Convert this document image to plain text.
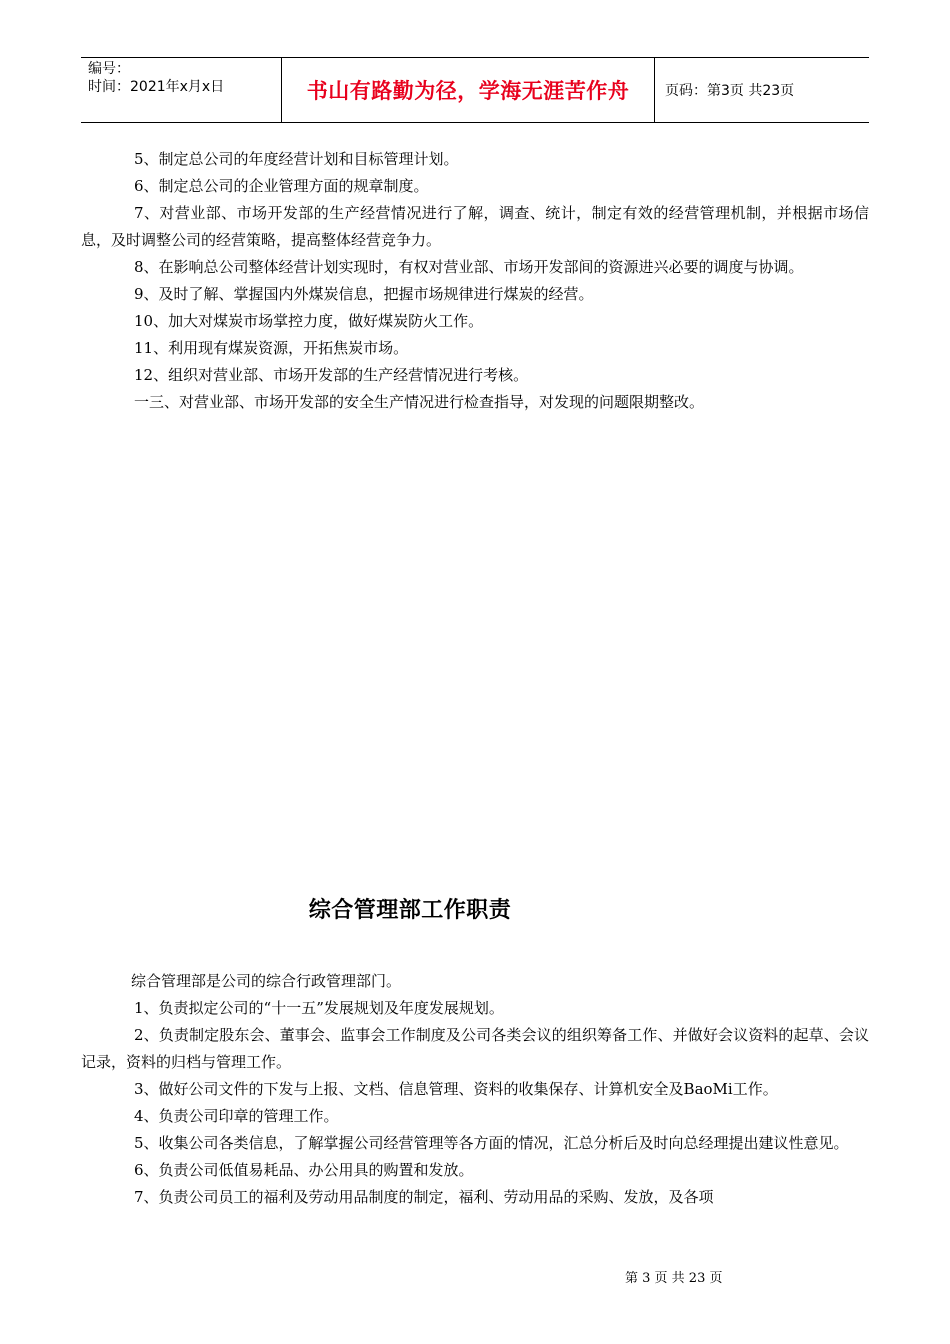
编号：
时间：2021年x月x日	书山有路勤为径，学海无涯苦作舟	页码：第3页 共23页

5、制定总公司的年度经营计划和目标管理计划。

6、制定总公司的企业管理方面的规章制度。

7、对营业部、市场开发部的生产经营情况进行了解，调查、统计，制定有效的经营管理机制，并根据市场信息，及时调整公司的经营策略，提高整体经营竞争力。

8、在影响总公司整体经营计划实现时，有权对营业部、市场开发部间的资源进兴必要的调度与协调。

9、及时了解、掌握国内外煤炭信息，把握市场规律进行煤炭的经营。

10、加大对煤炭市场掌控力度，做好煤炭防火工作。

11、利用现有煤炭资源，开拓焦炭市场。

12、组织对营业部、市场开发部的生产经营情况进行考核。

一三、对营业部、市场开发部的安全生产情况进行检查指导，对发现的问题限期整改。

综合管理部工作职责

综合管理部是公司的综合行政管理部门。

1、负责拟定公司的“十一五”发展规划及年度发展规划。

2、负责制定股东会、董事会、监事会工作制度及公司各类会议的组织筹备工作、并做好会议资料的起草、会议记录，资料的归档与管理工作。

3、做好公司文件的下发与上报、文档、信息管理、资料的收集保存、计算机安全及BaoMi工作。

4、负责公司印章的管理工作。

5、收集公司各类信息，了解掌握公司经营管理等各方面的情况，汇总分析后及时向总经理提出建议性意见。

6、负责公司低值易耗品、办公用具的购置和发放。

7、负责公司员工的福利及劳动用品制度的制定，福利、劳动用品的采购、发放，及各项

第 3 页 共 23 页
